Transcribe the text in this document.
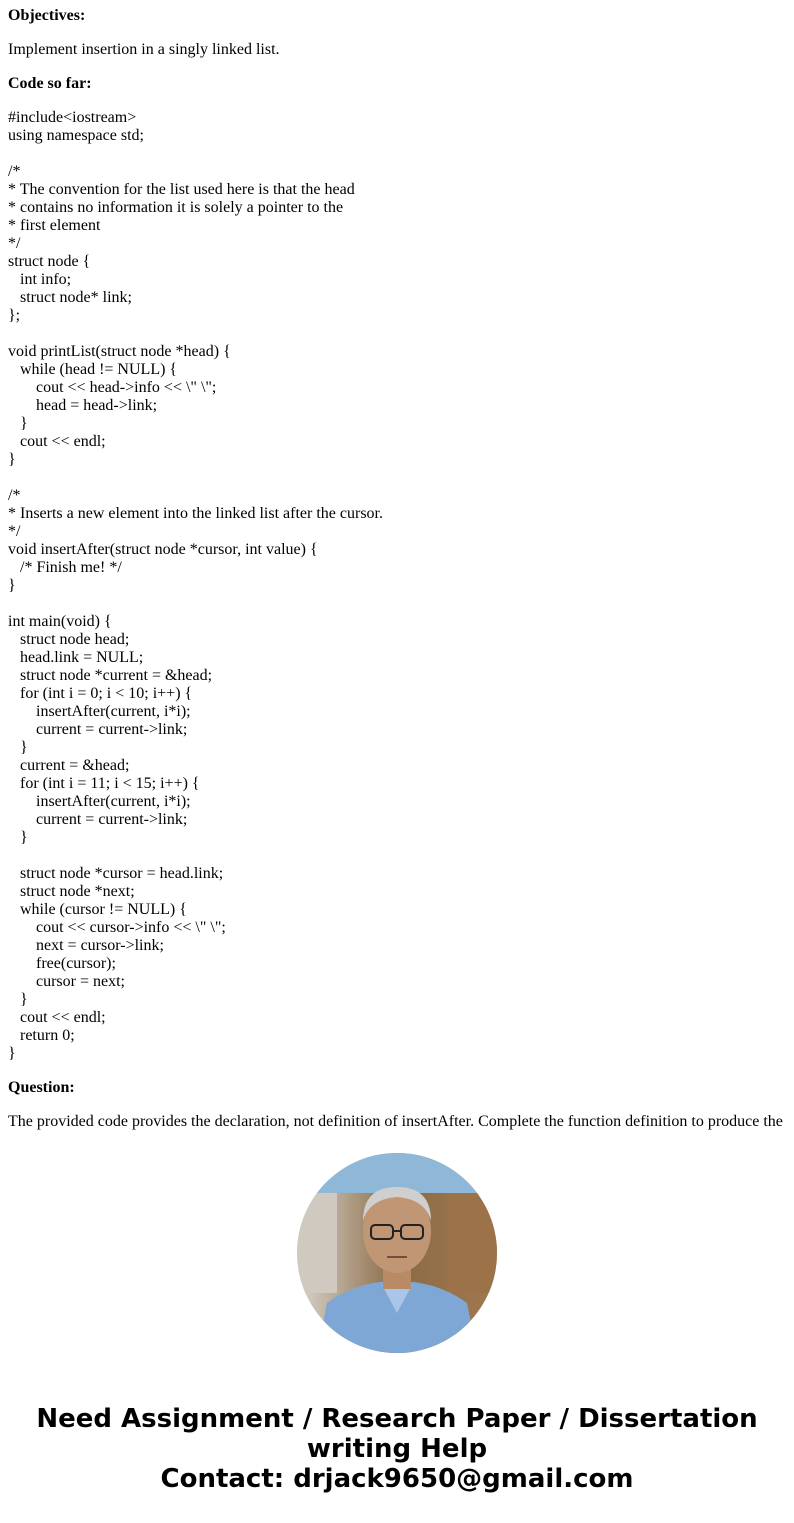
Objectives:

Implement insertion in a singly linked list.

Code so far:

#include<iostream>
using namespace std;

/*
* The convention for the list used here is that the head
* contains no information it is solely a pointer to the
* first element
*/
struct node {
int info;
struct node* link;
};

void printList(struct node *head) {
while (head != NULL) {
cout << head->info << \" \";
head = head->link;
}
cout << endl;
}

/*
* Inserts a new element into the linked list after the cursor.
*/
void insertAfter(struct node *cursor, int value) {
/* Finish me! */
}

int main(void) {
struct node head;
head.link = NULL;
struct node *current = &head;
for (int i = 0; i < 10; i++) {
insertAfter(current, i*i);
current = current->link;
}
current = &head;
for (int i = 11; i < 15; i++) {
insertAfter(current, i*i);
current = current->link;
}

struct node *cursor = head.link;
struct node *next;
while (cursor != NULL) {
cout << cursor->info << \" \";
next = cursor->link;
free(cursor);
cursor = next;
}
cout << endl;
return 0;
}

Question:

The provided code provides the declaration, not definition of insertAfter. Complete the function definition to produce the

Need Assignment / Research Paper / Dissertation
writing Help
Contact: drjack9650@gmail.com
